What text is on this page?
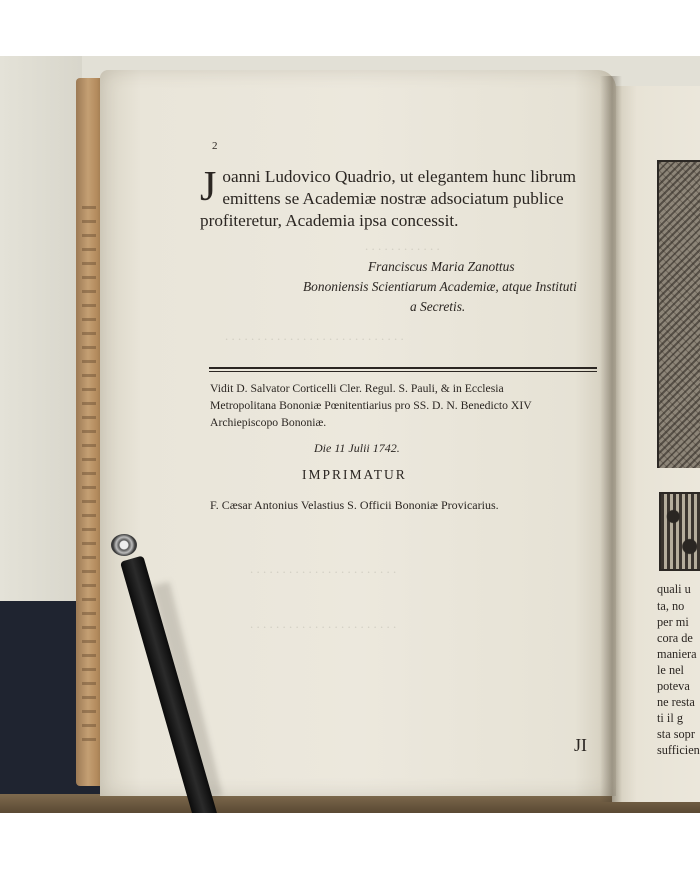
. . . . . . . . . . . .
. . . . . . . . . . . . . . . . . . . . . . . . . . . .
. . . . . . . . . . . . . . . . . . . . . . .
. . . . . . . . . . . . . . . . . . . . . . .
2
J oanni Ludovico Quadrio, ut elegantem hunc librum
emittens se Academiæ nostræ adsociatum publice
profiteretur, Academia ipsa concessit.
Franciscus Maria Zanottus
Bononiensis Scientiarum Academiæ, atque Instituti
a Secretis.
Vidit D. Salvator Corticelli Cler. Regul. S. Pauli, & in Ecclesia
Metropolitana Bononiæ Pœnitentiarius pro SS. D. N. Benedicto XIV
Archiepiscopo Bononiæ.
Die 11 Julii 1742.
IMPRIMATUR
F. Cæsar Antonius Velastius S. Officii Bononiæ Provicarius.
JI
quali u
ta, no
per mi
cora de
maniera
le nel
poteva
ne resta
ti il g
sta sopr
sufficien
